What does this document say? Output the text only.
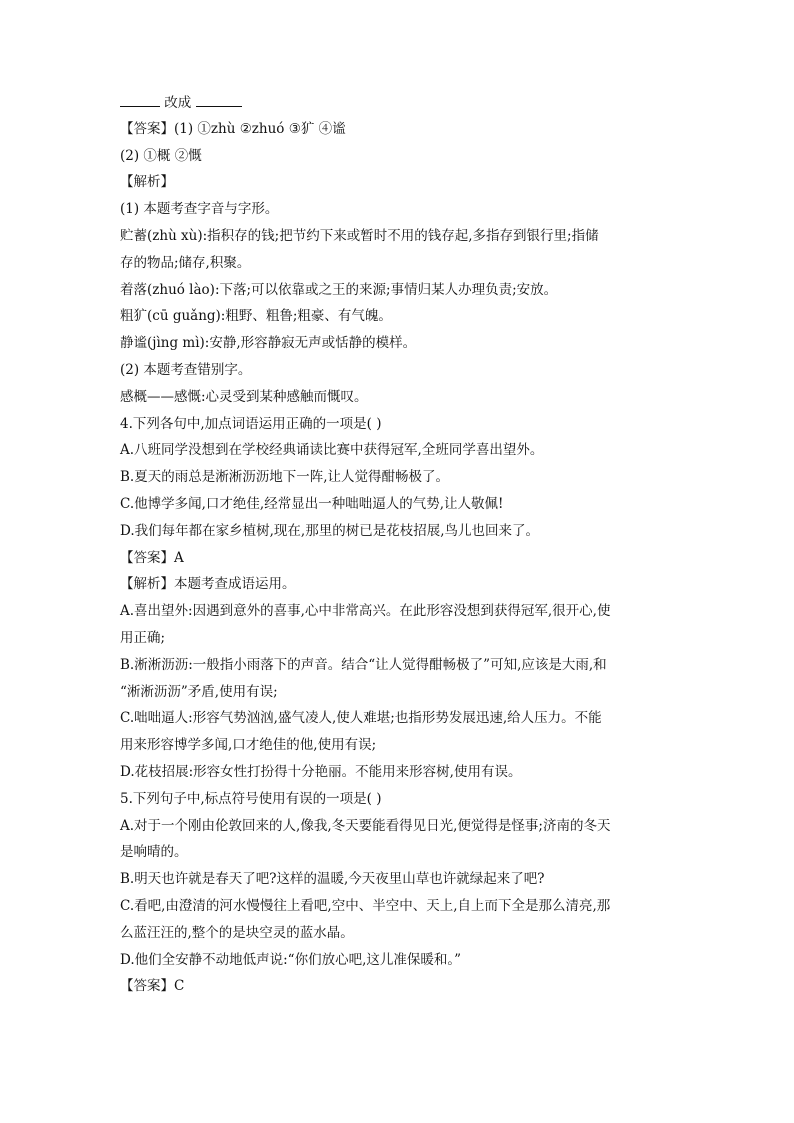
改成
【答案】(1) ①zhù ②zhuó ③犷 ④谧
(2) ①概 ②慨
【解析】
(1) 本题考查字音与字形。
贮蓄(zhù xù):指积存的钱;把节约下来或暂时不用的钱存起,多指存到银行里;指储
存的物品;储存,积聚。
着落(zhuó lào):下落;可以依靠或之王的来源;事情归某人办理负责;安放。
粗犷(cū guǎng):粗野、粗鲁;粗豪、有气魄。
静谧(jìng mì):安静,形容静寂无声或恬静的模样。
(2) 本题考查错别字。
感概——感慨:心灵受到某种感触而慨叹。
4.下列各句中,加点词语运用正确的一项是( )
A.八班同学没想到在学校经典诵读比赛中获得冠军,全班同学喜出望外。
B.夏天的雨总是淅淅沥沥地下一阵,让人觉得酣畅极了。
C.他博学多闻,口才绝佳,经常显出一种咄咄逼人的气势,让人敬佩!
D.我们每年都在家乡植树,现在,那里的树已是花枝招展,鸟儿也回来了。
【答案】A
【解析】本题考查成语运用。
A.喜出望外:因遇到意外的喜事,心中非常高兴。在此形容没想到获得冠军,很开心,使
用正确;
B.淅淅沥沥:一般指小雨落下的声音。结合“让人觉得酣畅极了”可知,应该是大雨,和
“淅淅沥沥”矛盾,使用有误;
C.咄咄逼人:形容气势汹汹,盛气凌人,使人难堪;也指形势发展迅速,给人压力。不能
用来形容博学多闻,口才绝佳的他,使用有误;
D.花枝招展:形容女性打扮得十分艳丽。不能用来形容树,使用有误。
5.下列句子中,标点符号使用有误的一项是( )
A.对于一个刚由伦敦回来的人,像我,冬天要能看得见日光,便觉得是怪事;济南的冬天
是响晴的。
B.明天也许就是春天了吧?这样的温暖,今天夜里山草也许就绿起来了吧?
C.看吧,由澄清的河水慢慢往上看吧,空中、半空中、天上,自上而下全是那么清亮,那
么蓝汪汪的,整个的是块空灵的蓝水晶。
D.他们全安静不动地低声说:“你们放心吧,这儿准保暖和。”
【答案】C
